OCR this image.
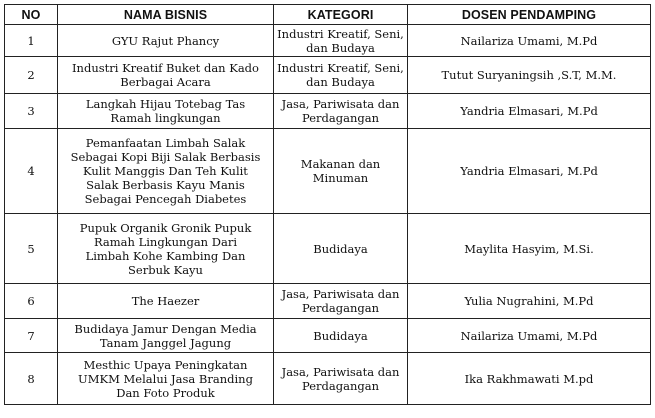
NO	NAMA BISNIS	KATEGORI	DOSEN PENDAMPING
1	GYU Rajut Phancy	Industri Kreatif, Seni,
dan Budaya	Nailariza Umami, M.Pd
2	Industri Kreatif Buket dan Kado
Berbagai Acara	Industri Kreatif, Seni,
dan Budaya	Tutut Suryaningsih ,S.T, M.M.
3	Langkah Hijau Totebag Tas
Ramah lingkungan	Jasa, Pariwisata dan
Perdagangan	Yandria Elmasari, M.Pd
4	Pemanfaatan Limbah Salak
Sebagai Kopi Biji Salak Berbasis
Kulit Manggis Dan Teh Kulit
Salak Berbasis Kayu Manis
Sebagai Pencegah Diabetes	Makanan dan
Minuman	Yandria Elmasari, M.Pd
5	Pupuk Organik Gronik Pupuk
Ramah Lingkungan Dari
Limbah Kohe Kambing Dan
Serbuk Kayu	Budidaya	Maylita Hasyim, M.Si.
6	The Haezer	Jasa, Pariwisata dan
Perdagangan	Yulia Nugrahini, M.Pd
7	Budidaya Jamur Dengan Media
Tanam Janggel Jagung	Budidaya	Nailariza Umami, M.Pd
8	Mesthic Upaya Peningkatan
UMKM Melalui Jasa Branding
Dan Foto Produk	Jasa, Pariwisata dan
Perdagangan	Ika Rakhmawati M.pd
